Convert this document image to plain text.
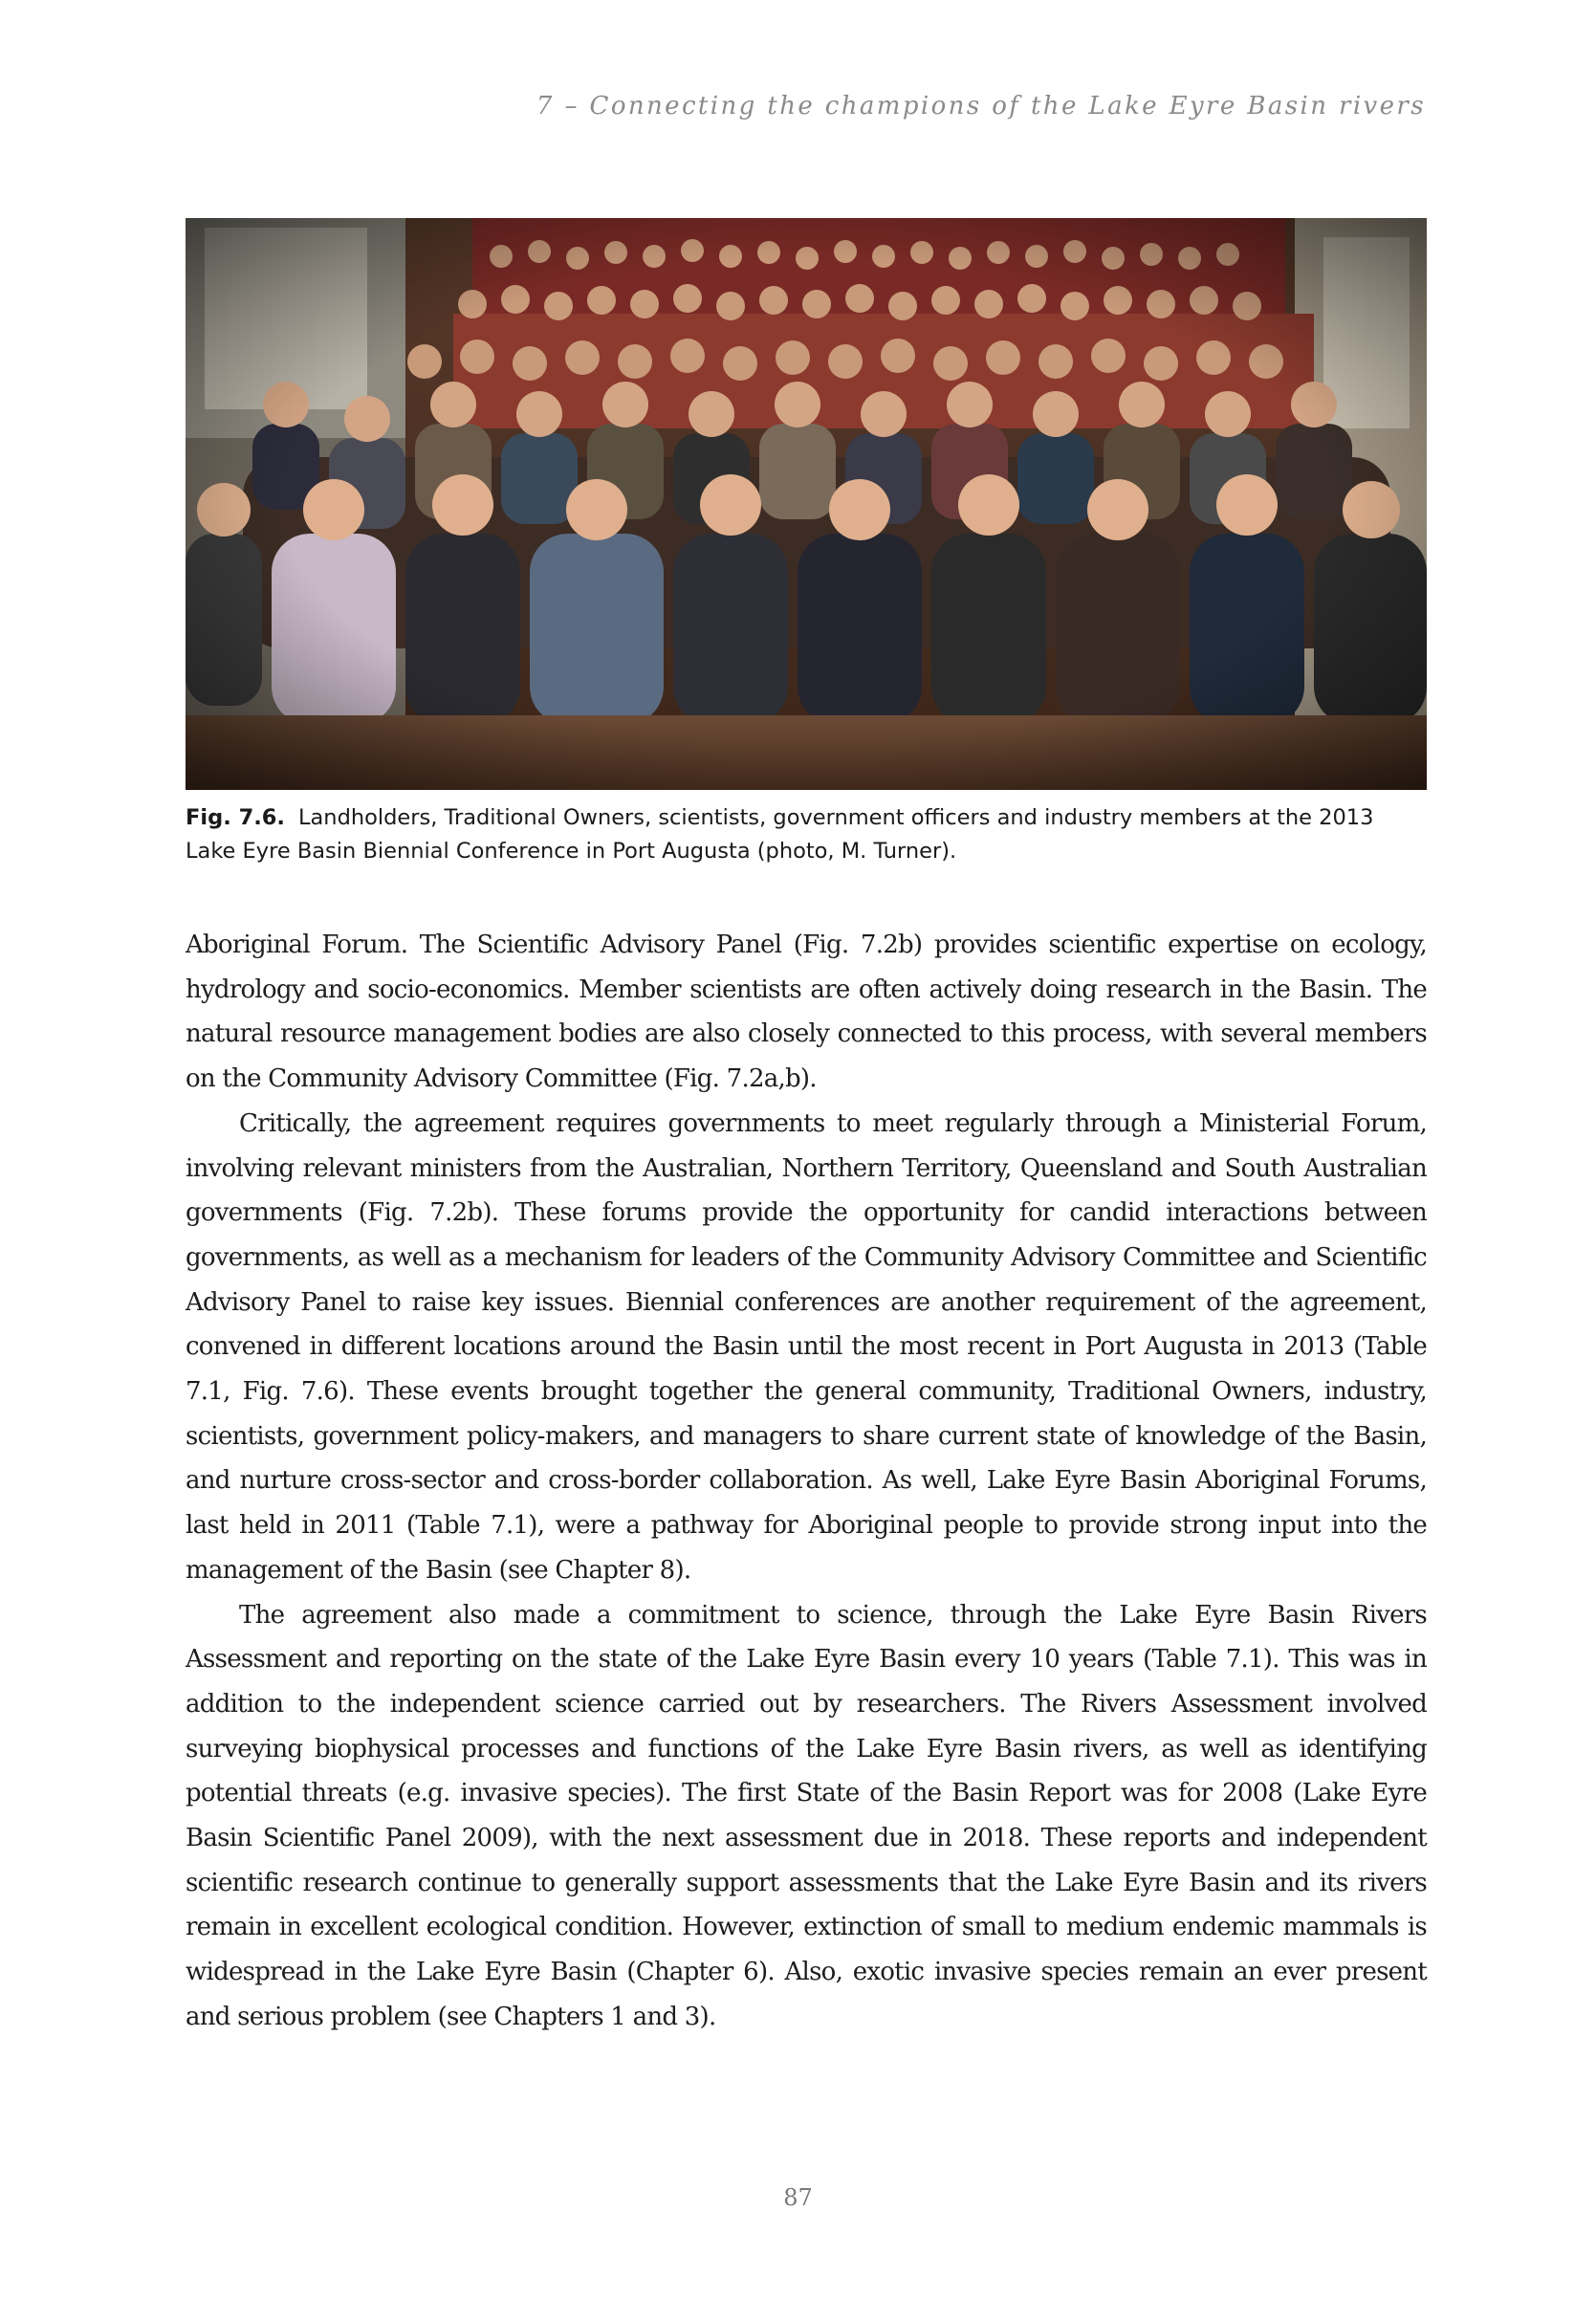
7 – Connecting the champions of the Lake Eyre Basin rivers
Fig. 7.6. Landholders, Traditional Owners, scientists, government officers and industry members at the 2013 Lake Eyre Basin Biennial Conference in Port Augusta (photo, M. Turner).

Aboriginal Forum. The Scientific Advisory Panel (Fig. 7.2b) provides scientific expertise on ecology, hydrology and socio-economics. Member scientists are often actively doing research in the Basin. The natural resource management bodies are also closely connected to this process, with several members on the Community Advisory Committee (Fig. 7.2a,b).

Critically, the agreement requires governments to meet regularly through a Ministerial Forum, involving relevant ministers from the Australian, Northern Territory, Queensland and South Australian governments (Fig. 7.2b). These forums provide the opportunity for candid interactions between governments, as well as a mechanism for leaders of the Community Advisory Committee and Scientific Advisory Panel to raise key issues. Biennial conferences are another requirement of the agreement, convened in different locations around the Basin until the most recent in Port Augusta in 2013 (Table 7.1, Fig. 7.6). These events brought together the general community, Traditional Owners, industry, scientists, government policy-makers, and managers to share current state of knowledge of the Basin, and nurture cross-sector and cross-border collaboration. As well, Lake Eyre Basin Aboriginal Forums, last held in 2011 (Table 7.1), were a pathway for Aboriginal people to provide strong input into the management of the Basin (see Chapter 8).

The agreement also made a commitment to science, through the Lake Eyre Basin Rivers Assessment and reporting on the state of the Lake Eyre Basin every 10 years (Table 7.1). This was in addition to the independent science carried out by researchers. The Rivers Assessment involved surveying biophysical processes and functions of the Lake Eyre Basin rivers, as well as identifying potential threats (e.g. invasive species). The first State of the Basin Report was for 2008 (Lake Eyre Basin Scientific Panel 2009), with the next assessment due in 2018. These reports and independent scientific research continue to generally support assessments that the Lake Eyre Basin and its rivers remain in excellent ecological condition. However, extinction of small to medium endemic mammals is widespread in the Lake Eyre Basin (Chapter 6). Also, exotic invasive species remain an ever present and serious problem (see Chapters 1 and 3).

87
